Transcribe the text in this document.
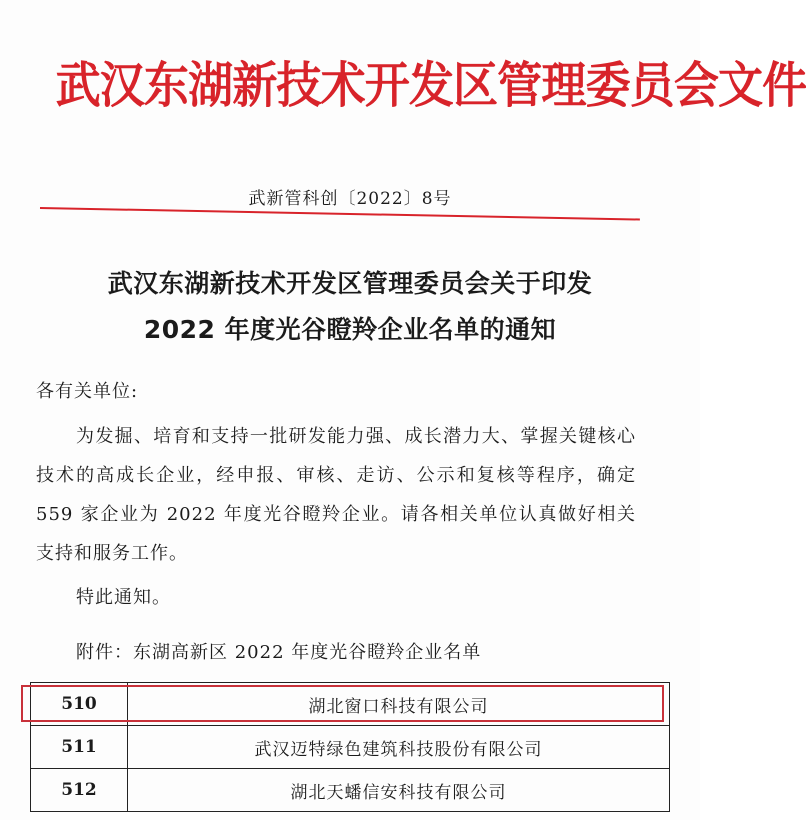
武汉东湖新技术开发区管理委员会文件
武新管科创〔2022〕8号
武汉东湖新技术开发区管理委员会关于印发
2022 年度光谷瞪羚企业名单的通知
各有关单位:
为发掘、培育和支持一批研发能力强、成长潜力大、掌握关键核心技术的高成长企业，经申报、审核、走访、公示和复核等程序，确定 559 家企业为 2022 年度光谷瞪羚企业。请各相关单位认真做好相关支持和服务工作。
特此通知。
附件：东湖高新区 2022 年度光谷瞪羚企业名单
510	湖北窗口科技有限公司
511	武汉迈特绿色建筑科技股份有限公司
512	湖北天蟠信安科技有限公司
